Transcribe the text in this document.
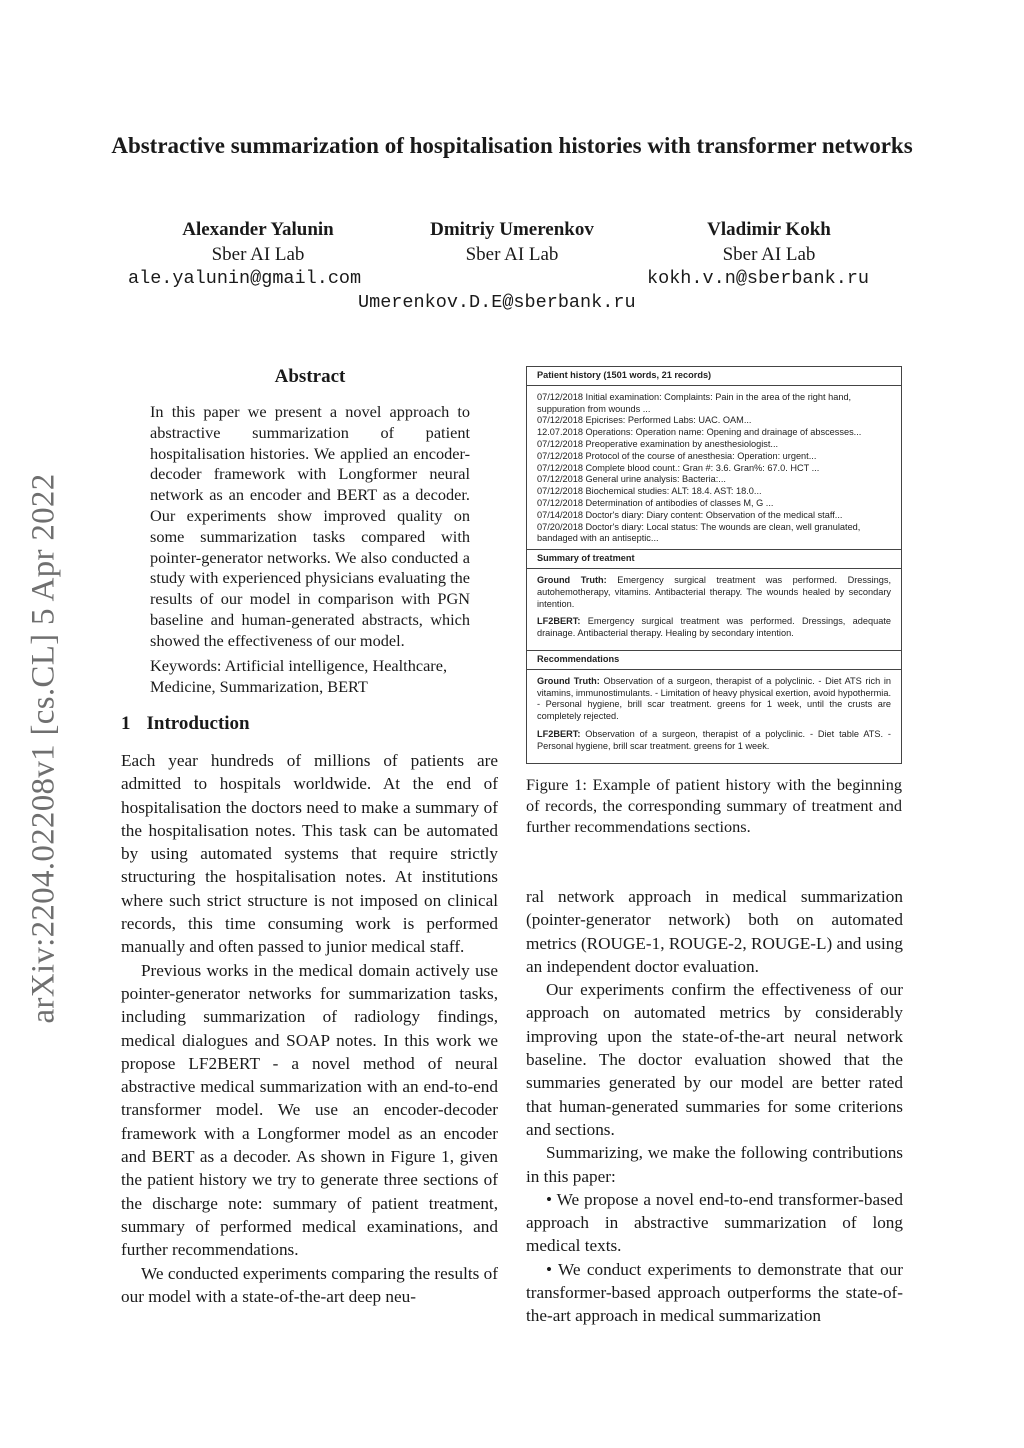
arXiv:2204.02208v1 [cs.CL] 5 Apr 2022
Abstractive summarization of hospitalisation histories with transformer networks
Alexander Yalunin
Sber AI Lab
Dmitriy Umerenkov
Sber AI Lab
Vladimir Kokh
Sber AI Lab
ale.yalunin@gmail.com
Umerenkov.D.E@sberbank.ru
kokh.v.n@sberbank.ru
Abstract
In this paper we present a novel approach to abstractive summarization of patient hospitalisation histories. We applied an encoder-decoder framework with Longformer neural network as an encoder and BERT as a decoder. Our experiments show improved quality on some summarization tasks compared with pointer-generator networks. We also conducted a study with experienced physicians evaluating the results of our model in comparison with PGN baseline and human-generated abstracts, which showed the effectiveness of our model.
Keywords: Artificial intelligence, Healthcare, Medicine, Summarization, BERT
1 Introduction

Each year hundreds of millions of patients are admitted to hospitals worldwide. At the end of hospitalisation the doctors need to make a summary of the hospitalisation notes. This task can be automated by using automated systems that require strictly structuring the hospitalisation notes. At institutions where such strict structure is not imposed on clinical records, this time consuming work is performed manually and often passed to junior medical staff.

Previous works in the medical domain actively use pointer-generator networks for summarization tasks, including summarization of radiology findings, medical dialogues and SOAP notes. In this work we propose LF2BERT - a novel method of neural abstractive medical summarization with an end-to-end transformer model. We use an encoder-decoder framework with a Longformer model as an encoder and BERT as a decoder. As shown in Figure 1, given the patient history we try to generate three sections of the discharge note: summary of patient treatment, summary of performed medical examinations, and further recommendations.

We conducted experiments comparing the results of our model with a state-of-the-art deep neu-

Patient history (1501 words, 21 records)

07/12/2018 Initial examination: Complaints: Pain in the area of the right hand, suppuration from wounds ...

07/12/2018 Epicrises: Performed Labs: UAC. OAM...

12.07.2018 Operations: Operation name: Opening and drainage of abscesses...

07/12/2018 Preoperative examination by anesthesiologist...

07/12/2018 Protocol of the course of anesthesia: Operation: urgent...

07/12/2018 Complete blood count.: Gran #: 3.6. Gran%: 67.0. HCT ...

07/12/2018 General urine analysis: Bacteria:...

07/12/2018 Biochemical studies: ALT: 18.4. AST: 18.0...

07/12/2018 Determination of antibodies of classes M, G ...

07/14/2018 Doctor's diary: Diary content: Observation of the medical staff...

07/20/2018 Doctor's diary: Local status: The wounds are clean, well granulated, bandaged with an antiseptic...

Summary of treatment

Ground Truth: Emergency surgical treatment was performed. Dressings, autohemotherapy, vitamins. Antibacterial therapy. The wounds healed by secondary intention.

LF2BERT: Emergency surgical treatment was performed. Dressings, adequate drainage. Antibacterial therapy. Healing by secondary intention.

Recommendations

Ground Truth: Observation of a surgeon, therapist of a polyclinic. - Diet ATS rich in vitamins, immunostimulants. - Limitation of heavy physical exertion, avoid hypothermia. - Personal hygiene, brill scar treatment. greens for 1 week, until the crusts are completely rejected.

LF2BERT: Observation of a surgeon, therapist of a polyclinic. - Diet table ATS. - Personal hygiene, brill scar treatment. greens for 1 week.

Figure 1: Example of patient history with the beginning of records, the corresponding summary of treatment and further recommendations sections.

ral network approach in medical summarization (pointer-generator network) both on automated metrics (ROUGE-1, ROUGE-2, ROUGE-L) and using an independent doctor evaluation.

Our experiments confirm the effectiveness of our approach on automated metrics by considerably improving upon the state-of-the-art neural network baseline. The doctor evaluation showed that the summaries generated by our model are better rated that human-generated summaries for some criterions and sections.

Summarizing, we make the following contributions in this paper:

• We propose a novel end-to-end transformer-based approach in abstractive summarization of long medical texts.

• We conduct experiments to demonstrate that our transformer-based approach outperforms the state-of-the-art approach in medical summarization
